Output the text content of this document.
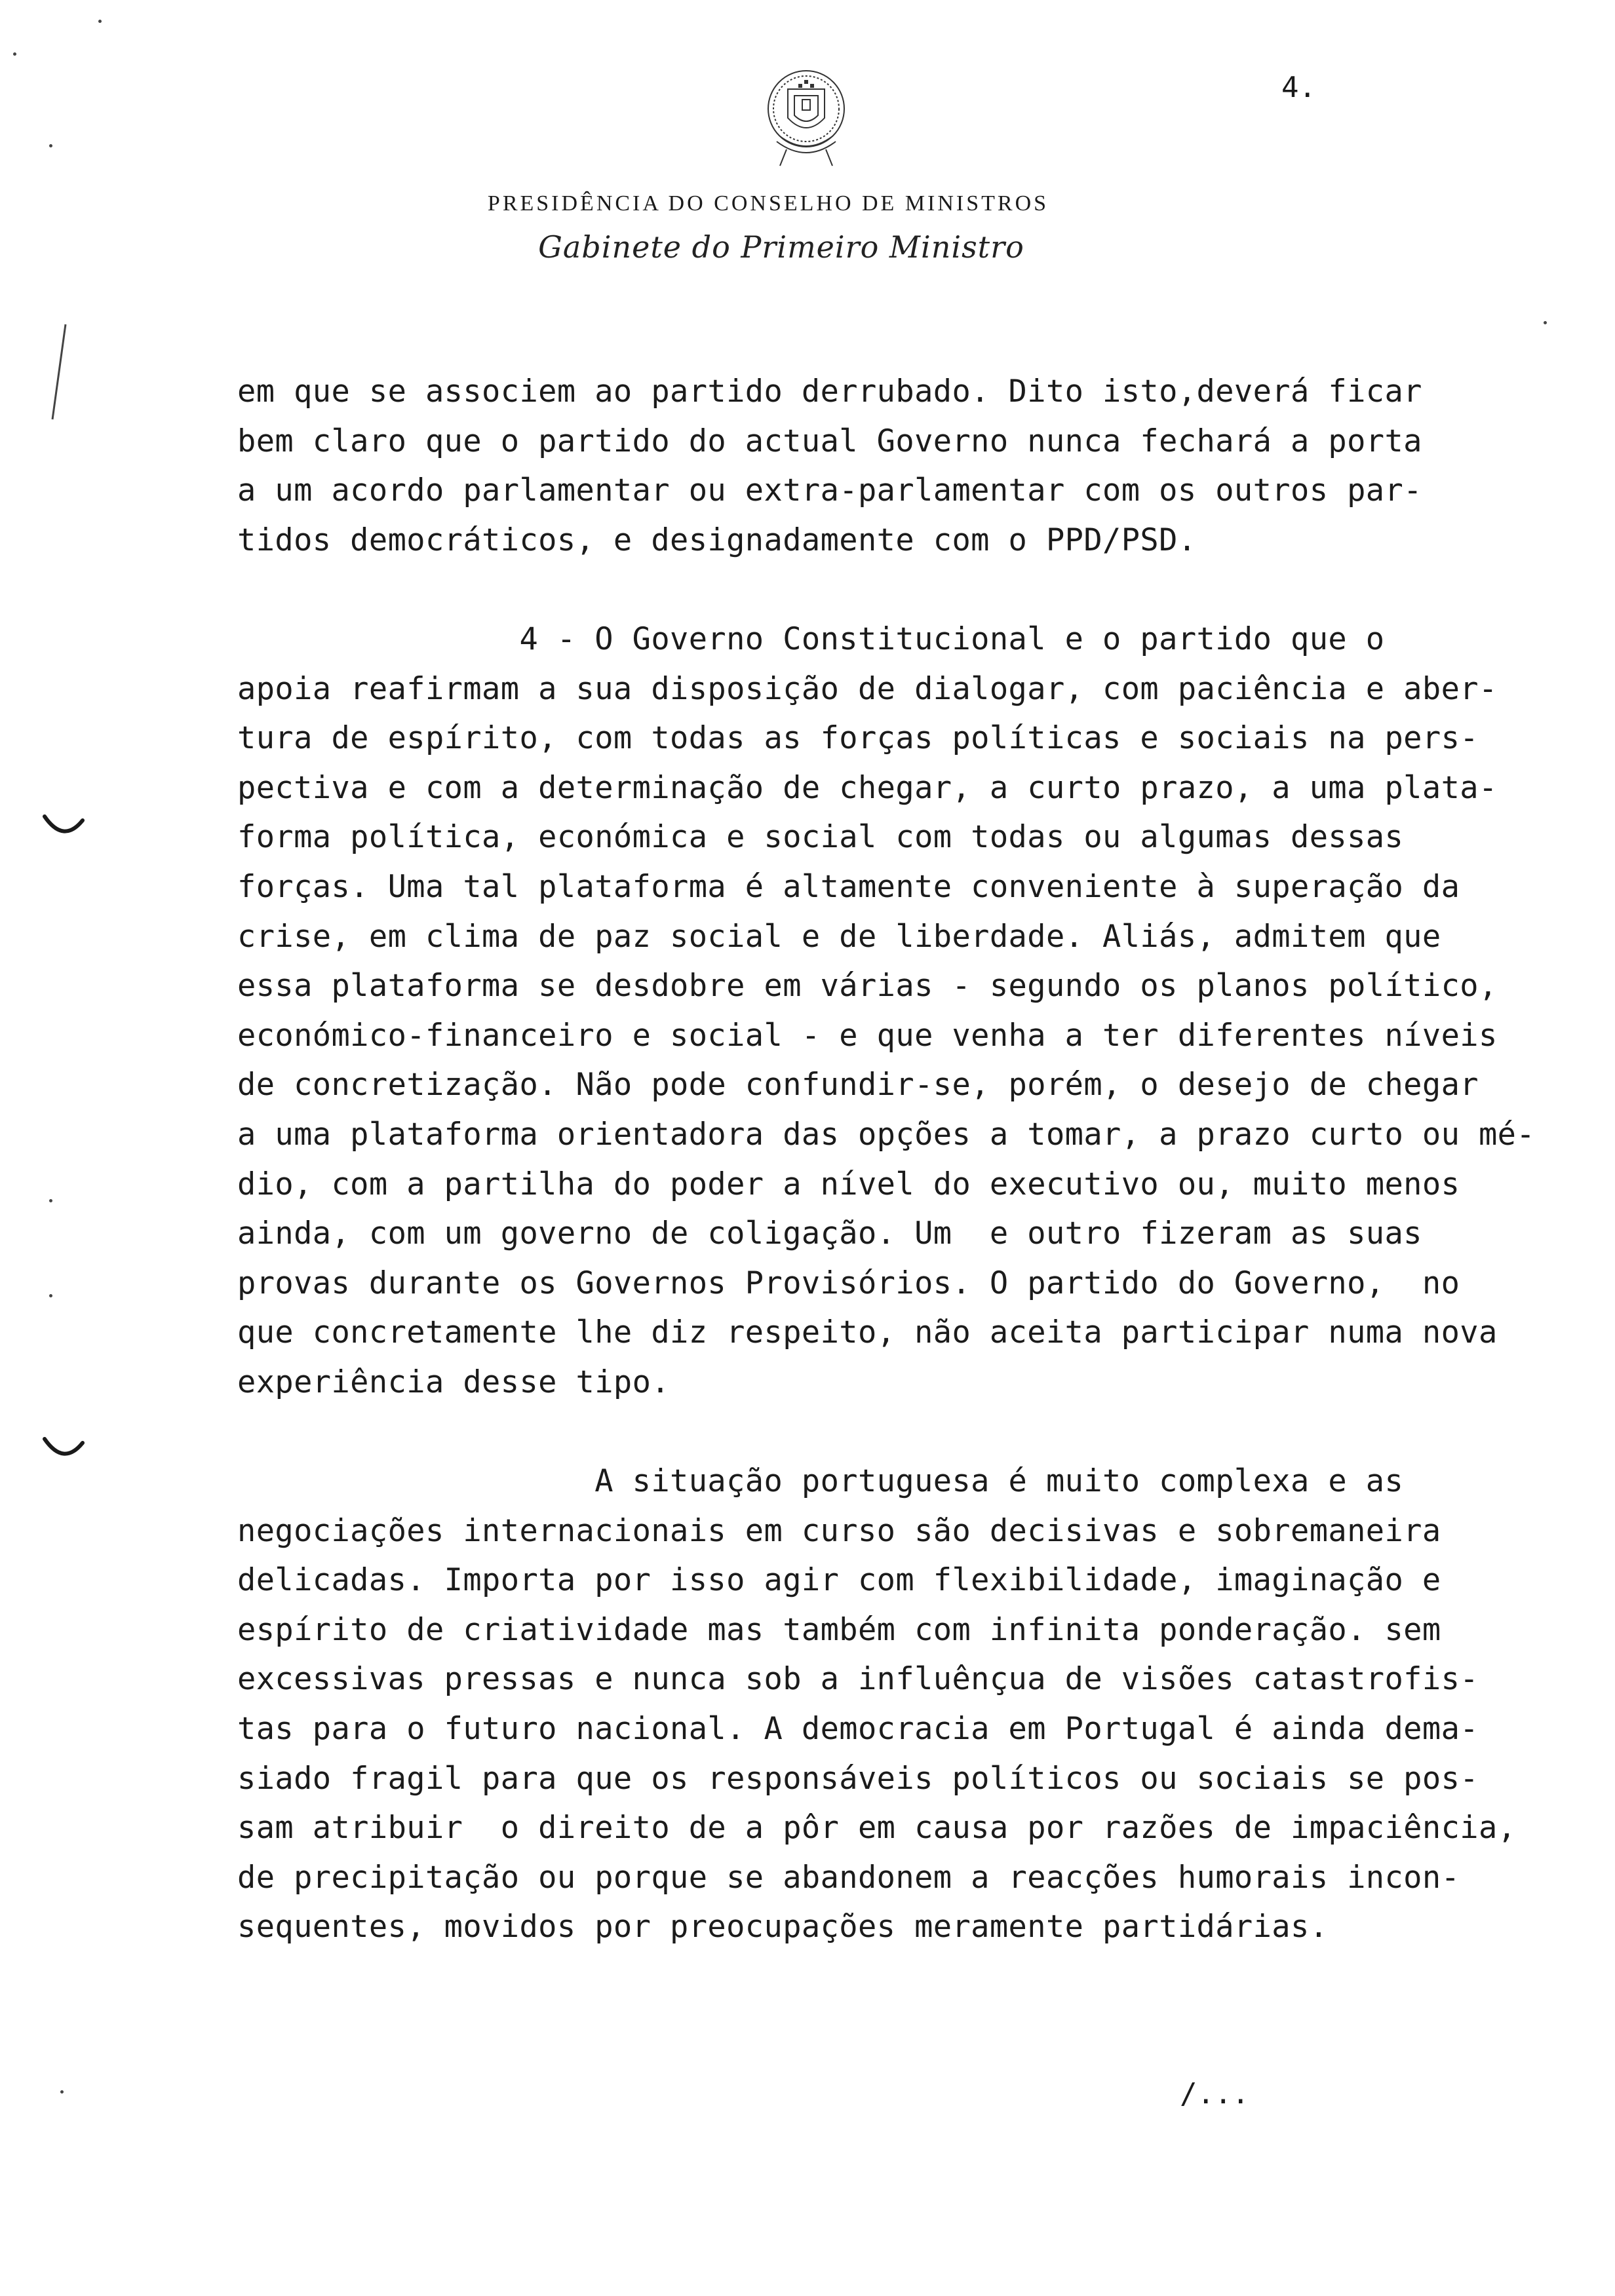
4.
PRESIDÊNCIA DO CONSELHO DE MINISTROS
Gabinete do Primeiro Ministro
em que se associem ao partido derrubado. Dito isto,deverá ficar
bem claro que o partido do actual Governo nunca fechará a porta
a um acordo parlamentar ou extra-parlamentar com os outros par-
tidos democráticos, e designadamente com o PPD/PSD.
4 - O Governo Constitucional e o partido que o
apoia reafirmam a sua disposição de dialogar, com paciência e aber-
tura de espírito, com todas as forças políticas e sociais na pers-
pectiva e com a determinação de chegar, a curto prazo, a uma plata-
forma política, económica e social com todas ou algumas dessas
forças. Uma tal plataforma é altamente conveniente à superação da
crise, em clima de paz social e de liberdade. Aliás, admitem que
essa plataforma se desdobre em várias - segundo os planos político,
económico-financeiro e social - e que venha a ter diferentes níveis
de concretização. Não pode confundir-se, porém, o desejo de chegar
a uma plataforma orientadora das opções a tomar, a prazo curto ou mé-
dio, com a partilha do poder a nível do executivo ou, muito menos
ainda, com um governo de coligação. Um  e outro fizeram as suas
provas durante os Governos Provisórios. O partido do Governo,  no
que concretamente lhe diz respeito, não aceita participar numa nova
experiência desse tipo.
A situação portuguesa é muito complexa e as
negociações internacionais em curso são decisivas e sobremaneira
delicadas. Importa por isso agir com flexibilidade, imaginação e
espírito de criatividade mas também com infinita ponderação. sem
excessivas pressas e nunca sob a influênçua de visões catastrofis-
tas para o futuro nacional. A democracia em Portugal é ainda dema-
siado fragil para que os responsáveis políticos ou sociais se pos-
sam atribuir  o direito de a pôr em causa por razões de impaciência,
de precipitação ou porque se abandonem a reacções humorais incon-
sequentes, movidos por preocupações meramente partidárias.
/...
